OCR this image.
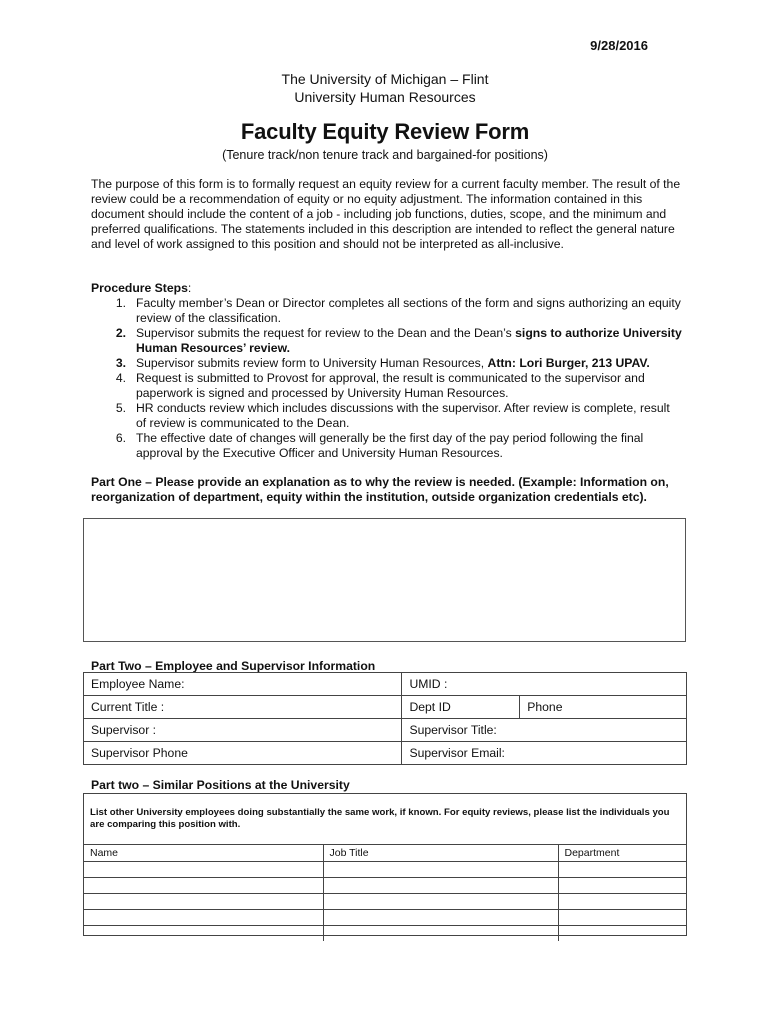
9/28/2016
The University of Michigan – Flint
University Human Resources
Faculty Equity Review Form
(Tenure track/non tenure track and bargained-for positions)

The purpose of this form is to formally request an equity review for a current faculty member. The result of the review could be a recommendation of equity or no equity adjustment. The information contained in this document should include the content of a job - including job functions, duties, scope, and the minimum and preferred qualifications. The statements included in this description are intended to reflect the general nature and level of work assigned to this position and should not be interpreted as all-inclusive.

Procedure Steps:
1. Faculty member’s Dean or Director completes all sections of the form and signs authorizing an equity review of the classification.
2. Supervisor submits the request for review to the Dean and the Dean’s signs to authorize University Human Resources’ review.
3. Supervisor submits review form to University Human Resources, Attn: Lori Burger, 213 UPAV.
4. Request is submitted to Provost for approval, the result is communicated to the supervisor and paperwork is signed and processed by University Human Resources.
5. HR conducts review which includes discussions with the supervisor. After review is complete, result of review is communicated to the Dean.
6. The effective date of changes will generally be the first day of the pay period following the final approval by the Executive Officer and University Human Resources.

Part One – Please provide an explanation as to why the review is needed. (Example: Information on, reorganization of department, equity within the institution, outside organization credentials etc).

Part Two – Employee and Supervisor Information
Employee Name:	UMID :	
Current Title :	Dept ID	Phone
Supervisor :	Supervisor Title:	
Supervisor Phone	Supervisor Email:	
Part two – Similar Positions at the University

List other University employees doing substantially the same work, if known. For equity reviews, please list the individuals you are comparing this position with.

Name	Job Title	Department
